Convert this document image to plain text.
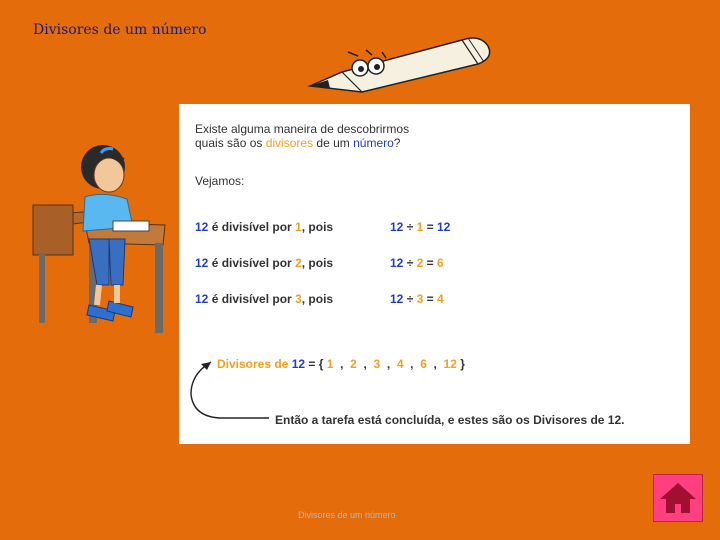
Divisores de um número
Existe alguma maneira de descobrirmos
quais são os divisores de um número?
Vejamos:
12 é divisível por 1, pois	12 ÷ 1 = 12
12 é divisível por 2, pois	12 ÷ 2 = 6
12 é divisível por 3, pois	12 ÷ 3 = 4
Divisores de 12 = { 1  ,  2  ,  3  ,  4  ,  6  ,  12 }
Então a tarefa está concluída, e estes são os Divisores de 12.
Divisores de um número
